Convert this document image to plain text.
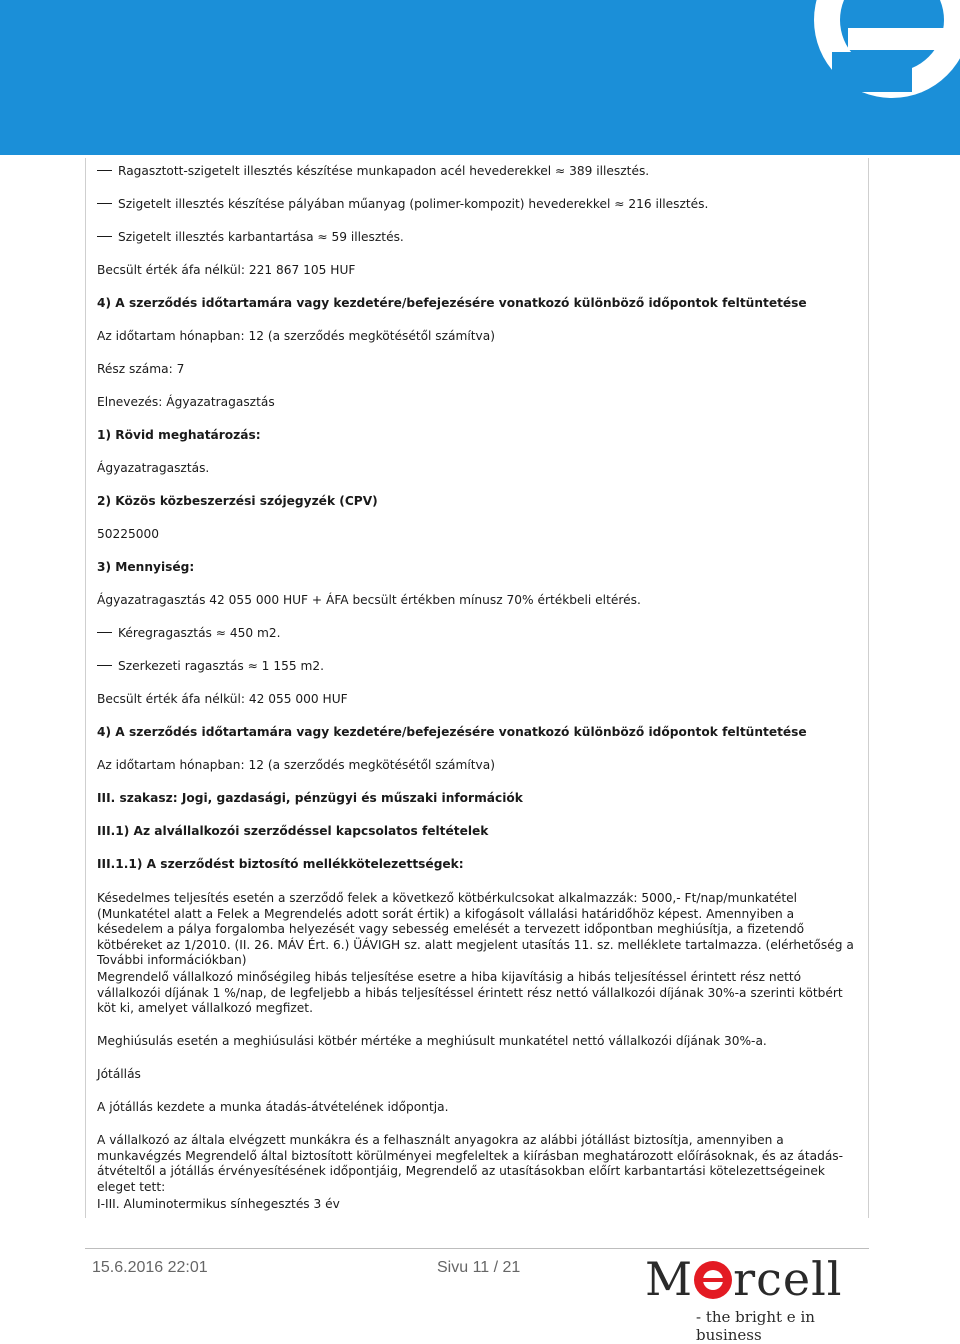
Ragasztott-szigetelt illesztés készítése munkapadon acél hevederekkel ≈ 389 illesztés.
Szigetelt illesztés készítése pályában műanyag (polimer-kompozit) hevederekkel ≈ 216 illesztés.
Szigetelt illesztés karbantartása ≈ 59 illesztés.
Becsült érték áfa nélkül: 221 867 105 HUF
4) A szerződés időtartamára vagy kezdetére/befejezésére vonatkozó különböző időpontok feltüntetése
Az időtartam hónapban: 12 (a szerződés megkötésétől számítva)
Rész száma: 7
Elnevezés: Ágyazatragasztás
1) Rövid meghatározás:
Ágyazatragasztás.
2) Közös közbeszerzési szójegyzék (CPV)
50225000
3) Mennyiség:
Ágyazatragasztás 42 055 000 HUF + ÁFA becsült értékben mínusz 70% értékbeli eltérés.
Kéregragasztás ≈ 450 m2.
Szerkezeti ragasztás ≈ 1 155 m2.
Becsült érték áfa nélkül: 42 055 000 HUF
4) A szerződés időtartamára vagy kezdetére/befejezésére vonatkozó különböző időpontok feltüntetése
Az időtartam hónapban: 12 (a szerződés megkötésétől számítva)
III. szakasz: Jogi, gazdasági, pénzügyi és műszaki információk
III.1) Az alvállalkozói szerződéssel kapcsolatos feltételek
III.1.1) A szerződést biztosító mellékkötelezettségek:
Késedelmes teljesítés esetén a szerződő felek a következő kötbérkulcsokat alkalmazzák: 5000,- Ft/nap/munkatétel (Munkatétel alatt a Felek a Megrendelés adott sorát értik) a kifogásolt vállalási határidőhöz képest. Amennyiben a késedelem a pálya forgalomba helyezését vagy sebesség emelését a tervezett időpontban meghiúsítja, a fizetendő kötbéreket az 1/2010. (II. 26. MÁV Ért. 6.) ÜÁVIGH sz. alatt megjelent utasítás 11. sz. melléklete tartalmazza. (elérhetőség a További információkban)
Megrendelő vállalkozó minőségileg hibás teljesítése esetre a hiba kijavításig a hibás teljesítéssel érintett rész nettó vállalkozói díjának 1 %/nap, de legfeljebb a hibás teljesítéssel érintett rész nettó vállalkozói díjának 30%-a szerinti kötbért köt ki, amelyet vállalkozó megfizet.
Meghiúsulás esetén a meghiúsulási kötbér mértéke a meghiúsult munkatétel nettó vállalkozói díjának 30%-a.
Jótállás
A jótállás kezdete a munka átadás-átvételének időpontja.
A vállalkozó az általa elvégzett munkákra és a felhasznált anyagokra az alábbi jótállást biztosítja, amennyiben a munkavégzés Megrendelő által biztosított körülményei megfeleltek a kiírásban meghatározott előírásoknak, és az átadás-átvételtől a jótállás érvényesítésének időpontjáig, Megrendelő az utasításokban előírt karbantartási kötelezettségeinek eleget tett:
I-III. Aluminotermikus sínhegesztés 3 év
15.6.2016 22:01	Sivu 11 / 21	M rcell
- the bright e in business
